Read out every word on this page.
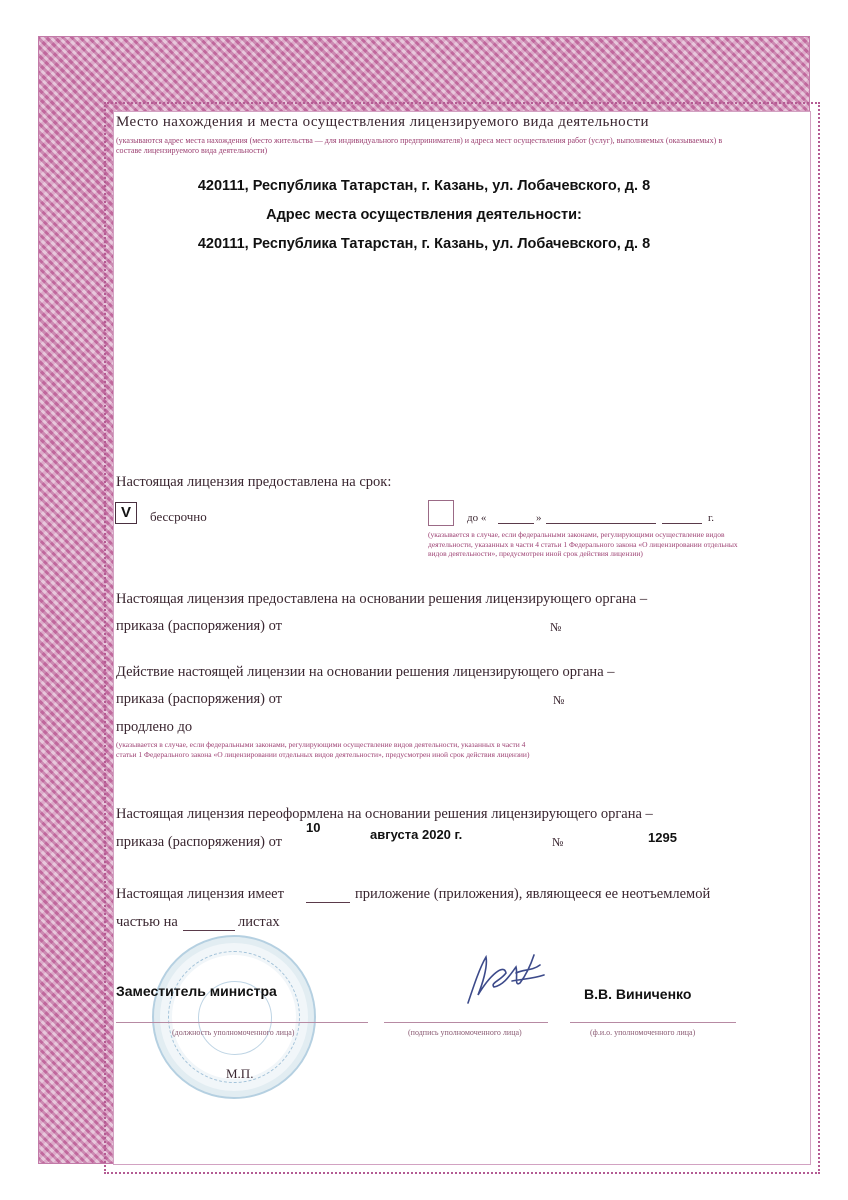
Место нахождения и места осуществления лицензируемого вида деятельности
(указываются адрес места нахождения (место жительства — для индивидуального предпринимателя) и адреса мест осуществления работ (услуг), выполняемых (оказываемых) в составе лицензируемого вида деятельности)
420111, Республика Татарстан, г. Казань, ул. Лобачевского, д. 8
Адрес места осуществления деятельности:
420111, Республика Татарстан, г. Казань, ул. Лобачевского, д. 8
Настоящая лицензия предоставлена на срок:
V	бессрочно	до «	»	г.
(указывается в случае, если федеральными законами, регулирующими осуществление видов деятельности, указанных в части 4 статьи 1 Федерального закона «О лицензировании отдельных видов деятельности», предусмотрен иной срок действия лицензии)
Настоящая лицензия предоставлена на основании решения лицензирующего органа –
приказа (распоряжения) от	№
Действие настоящей лицензии на основании решения лицензирующего органа –
приказа (распоряжения) от	№
продлено до
(указывается в случае, если федеральными законами, регулирующими осуществление видов деятельности, указанных в части 4 статьи 1 Федерального закона «О лицензировании отдельных видов деятельности», предусмотрен иной срок действия лицензии)
Настоящая лицензия переоформлена на основании решения лицензирующего органа –
приказа (распоряжения) от
10	августа 2020 г.	№	1295
Настоящая лицензия имеет	приложение (приложения), являющееся ее неотъемлемой
частью на	листах
Заместитель министра
(должность уполномоченного лица)	(подпись уполномоченного лица)
В.В. Виниченко
(ф.и.о. уполномоченного лица)
М.П.
